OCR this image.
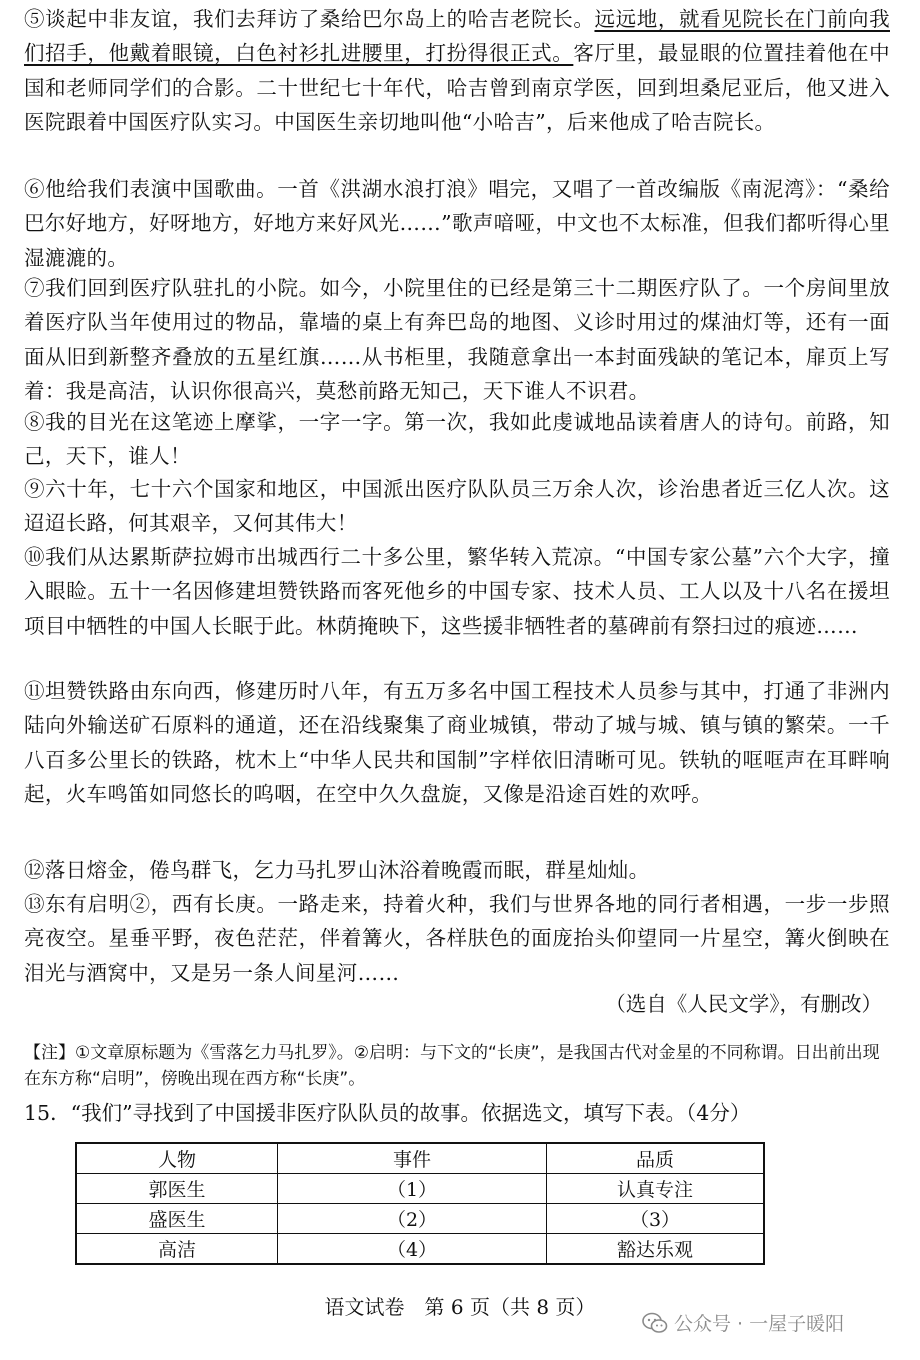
⑤谈起中非友谊，我们去拜访了桑给巴尔岛上的哈吉老院长。远远地，就看见院长在门前向我们招手，他戴着眼镜，白色衬衫扎进腰里，打扮得很正式。客厅里，最显眼的位置挂着他在中国和老师同学们的合影。二十世纪七十年代，哈吉曾到南京学医，回到坦桑尼亚后，他又进入医院跟着中国医疗队实习。中国医生亲切地叫他“小哈吉”，后来他成了哈吉院长。

⑥他给我们表演中国歌曲。一首《洪湖水浪打浪》唱完，又唱了一首改编版《南泥湾》：“桑给巴尔好地方，好呀地方，好地方来好风光……”歌声喑哑，中文也不太标准，但我们都听得心里湿漉漉的。

⑦我们回到医疗队驻扎的小院。如今，小院里住的已经是第三十二期医疗队了。一个房间里放着医疗队当年使用过的物品，靠墙的桌上有奔巴岛的地图、义诊时用过的煤油灯等，还有一面面从旧到新整齐叠放的五星红旗……从书柜里，我随意拿出一本封面残缺的笔记本，扉页上写着：我是高洁，认识你很高兴，莫愁前路无知己，天下谁人不识君。

⑧我的目光在这笔迹上摩挲，一字一字。第一次，我如此虔诚地品读着唐人的诗句。前路，知己，天下，谁人！

⑨六十年，七十六个国家和地区，中国派出医疗队队员三万余人次，诊治患者近三亿人次。这迢迢长路，何其艰辛，又何其伟大！

⑩我们从达累斯萨拉姆市出城西行二十多公里，繁华转入荒凉。“中国专家公墓”六个大字，撞入眼睑。五十一名因修建坦赞铁路而客死他乡的中国专家、技术人员、工人以及十八名在援坦项目中牺牲的中国人长眠于此。林荫掩映下，这些援非牺牲者的墓碑前有祭扫过的痕迹……

⑪坦赞铁路由东向西，修建历时八年，有五万多名中国工程技术人员参与其中，打通了非洲内陆向外输送矿石原料的通道，还在沿线聚集了商业城镇，带动了城与城、镇与镇的繁荣。一千八百多公里长的铁路，枕木上“中华人民共和国制”字样依旧清晰可见。铁轨的哐哐声在耳畔响起，火车鸣笛如同悠长的呜咽，在空中久久盘旋，又像是沿途百姓的欢呼。

⑫落日熔金，倦鸟群飞，乞力马扎罗山沐浴着晚霞而眠，群星灿灿。

⑬东有启明②，西有长庚。一路走来，持着火种，我们与世界各地的同行者相遇，一步一步照亮夜空。星垂平野，夜色茫茫，伴着篝火，各样肤色的面庞抬头仰望同一片星空，篝火倒映在泪光与酒窝中，又是另一条人间星河……

（选自《人民文学》，有删改）

【注】①文章原标题为《雪落乞力马扎罗》。②启明：与下文的“长庚”，是我国古代对金星的不同称谓。日出前出现在东方称“启明”，傍晚出现在西方称“长庚”。

15．“我们”寻找到了中国援非医疗队队员的故事。依据选文，填写下表。（4分）

人物	事件	品质
郭医生	（1）	认真专注
盛医生	（2）	（3）
高洁	（4）	豁达乐观
语文试卷　第 6 页（共 8 页）
公众号 · 一屋子暖阳
